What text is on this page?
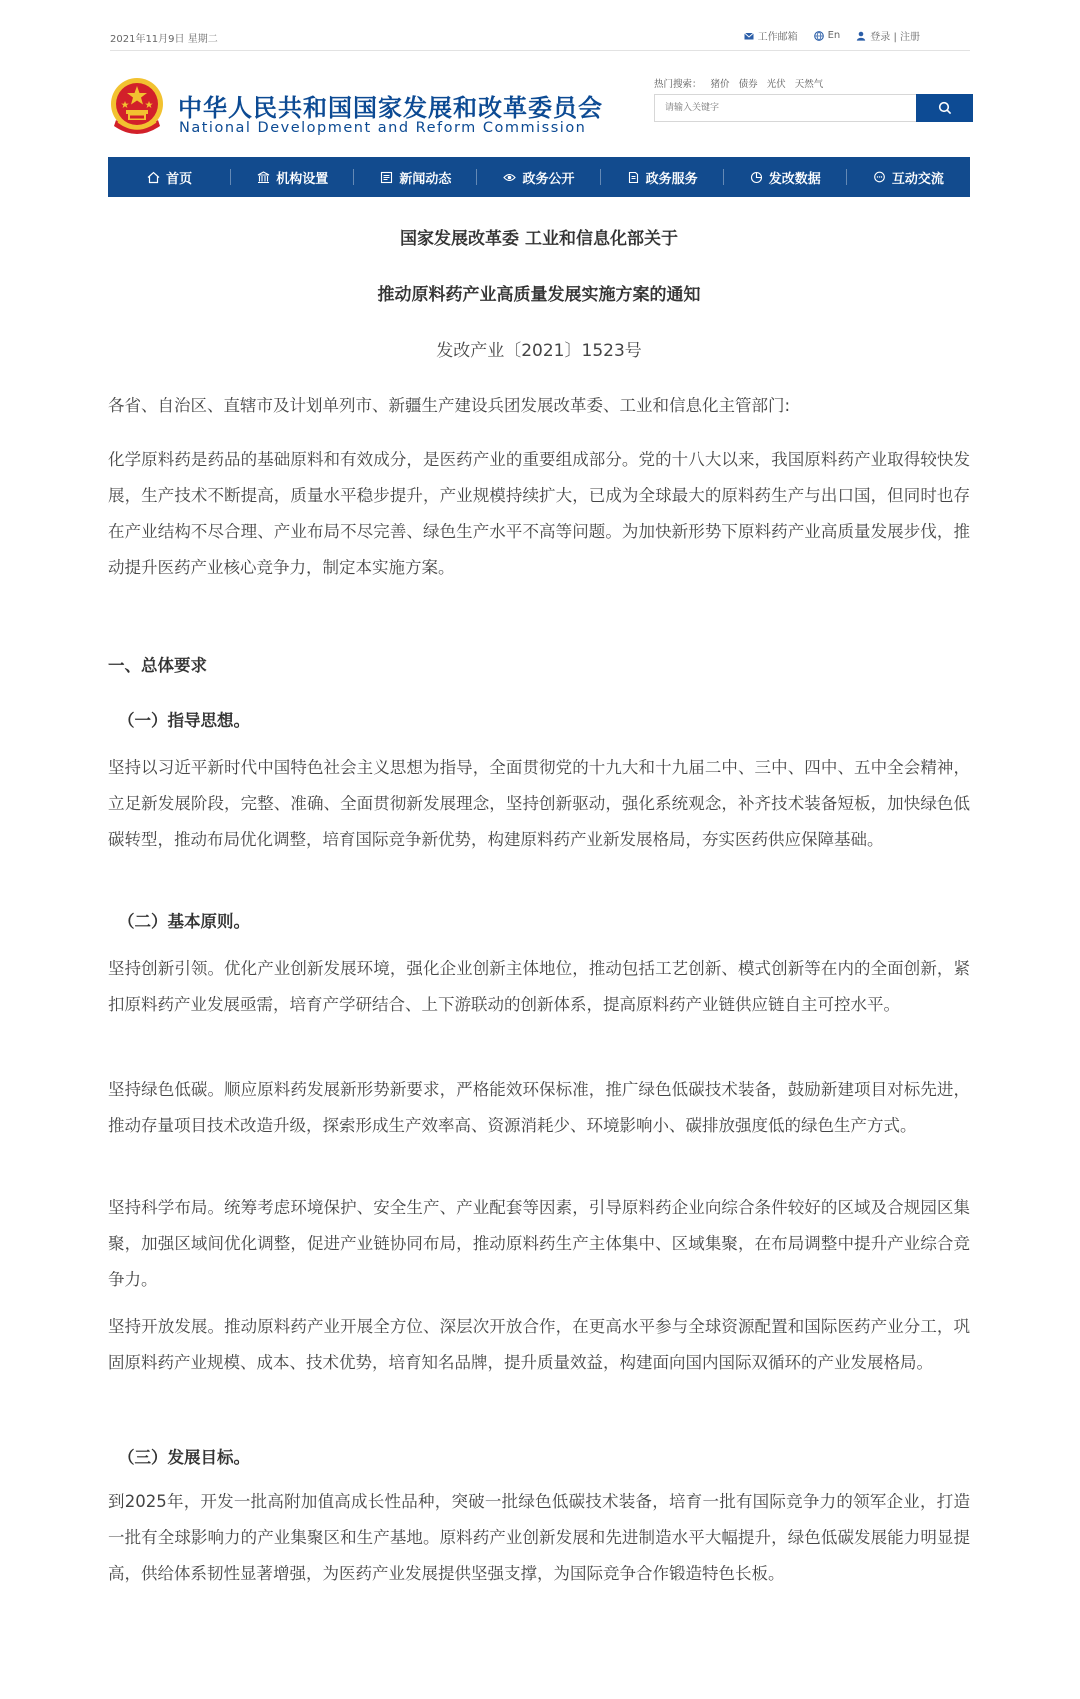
2021年11月9日 星期二	工作邮箱	En	登录 | 注册
中华人民共和国国家发展和改革委员会
National Development and Reform Commission
热门搜索： 猪价 债券 光伏 天然气
请输入关键字
首页	机构设置	新闻动态	政务公开	政务服务	发改数据	互动交流
国家发展改革委 工业和信息化部关于
推动原料药产业高质量发展实施方案的通知
发改产业〔2021〕1523号
各省、自治区、直辖市及计划单列市、新疆生产建设兵团发展改革委、工业和信息化主管部门:
化学原料药是药品的基础原料和有效成分，是医药产业的重要组成部分。党的十八大以来，我国原料药产业取得较快发展，生产技术不断提高，质量水平稳步提升，产业规模持续扩大，已成为全球最大的原料药生产与出口国，但同时也存在产业结构不尽合理、产业布局不尽完善、绿色生产水平不高等问题。为加快新形势下原料药产业高质量发展步伐，推动提升医药产业核心竞争力，制定本实施方案。
一、总体要求
（一）指导思想。
坚持以习近平新时代中国特色社会主义思想为指导，全面贯彻党的十九大和十九届二中、三中、四中、五中全会精神，立足新发展阶段，完整、准确、全面贯彻新发展理念，坚持创新驱动，强化系统观念，补齐技术装备短板，加快绿色低碳转型，推动布局优化调整，培育国际竞争新优势，构建原料药产业新发展格局，夯实医药供应保障基础。
（二）基本原则。
坚持创新引领。优化产业创新发展环境，强化企业创新主体地位，推动包括工艺创新、模式创新等在内的全面创新，紧扣原料药产业发展亟需，培育产学研结合、上下游联动的创新体系，提高原料药产业链供应链自主可控水平。
坚持绿色低碳。顺应原料药发展新形势新要求，严格能效环保标准，推广绿色低碳技术装备，鼓励新建项目对标先进，推动存量项目技术改造升级，探索形成生产效率高、资源消耗少、环境影响小、碳排放强度低的绿色生产方式。
坚持科学布局。统筹考虑环境保护、安全生产、产业配套等因素，引导原料药企业向综合条件较好的区域及合规园区集聚，加强区域间优化调整，促进产业链协同布局，推动原料药生产主体集中、区域集聚，在布局调整中提升产业综合竞争力。
坚持开放发展。推动原料药产业开展全方位、深层次开放合作，在更高水平参与全球资源配置和国际医药产业分工，巩固原料药产业规模、成本、技术优势，培育知名品牌，提升质量效益，构建面向国内国际双循环的产业发展格局。
（三）发展目标。
到2025年，开发一批高附加值高成长性品种，突破一批绿色低碳技术装备，培育一批有国际竞争力的领军企业，打造一批有全球影响力的产业集聚区和生产基地。原料药产业创新发展和先进制造水平大幅提升，绿色低碳发展能力明显提高，供给体系韧性显著增强，为医药产业发展提供坚强支撑，为国际竞争合作锻造特色长板。
